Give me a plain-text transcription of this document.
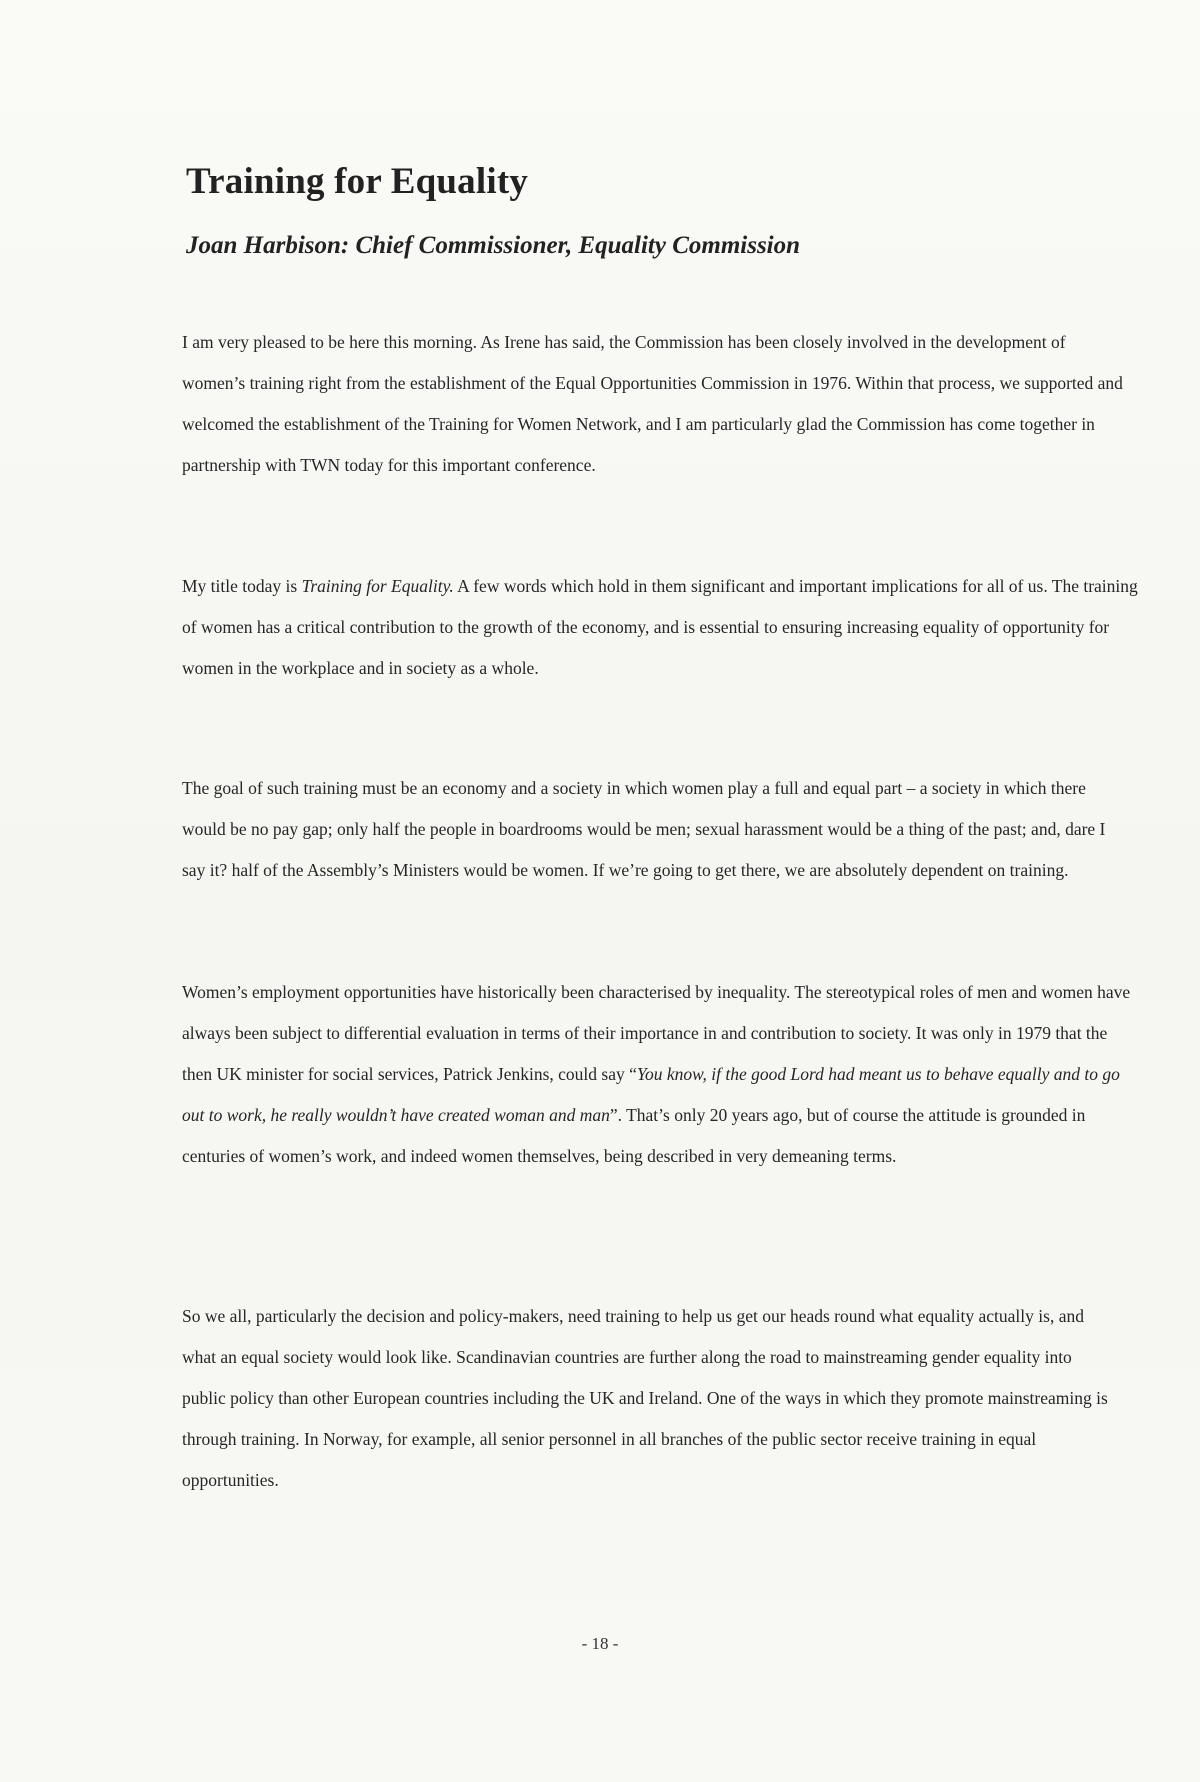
Training for Equality
Joan Harbison: Chief Commissioner, Equality Commission

I am very pleased to be here this morning. As Irene has said, the Commission has been closely involved in the development of women’s training right from the establishment of the Equal Opportunities Commission in 1976. Within that process, we supported and welcomed the establishment of the Training for Women Network, and I am particularly glad the Commission has come together in partnership with TWN today for this important conference.

My title today is Training for Equality. A few words which hold in them significant and important implications for all of us. The training of women has a critical contribution to the growth of the economy, and is essential to ensuring increasing equality of opportunity for women in the workplace and in society as a whole.

The goal of such training must be an economy and a society in which women play a full and equal part – a society in which there would be no pay gap; only half the people in boardrooms would be men; sexual harassment would be a thing of the past; and, dare I say it? half of the Assembly’s Ministers would be women. If we’re going to get there, we are absolutely dependent on training.

Women’s employment opportunities have historically been characterised by inequality. The stereotypical roles of men and women have always been subject to differential evaluation in terms of their importance in and contribution to society. It was only in 1979 that the then UK minister for social services, Patrick Jenkins, could say “You know, if the good Lord had meant us to behave equally and to go out to work, he really wouldn’t have created woman and man”. That’s only 20 years ago, but of course the attitude is grounded in centuries of women’s work, and indeed women themselves, being described in very demeaning terms.

So we all, particularly the decision and policy-makers, need training to help us get our heads round what equality actually is, and what an equal society would look like. Scandinavian countries are further along the road to mainstreaming gender equality into public policy than other European countries including the UK and Ireland. One of the ways in which they promote mainstreaming is through training. In Norway, for example, all senior personnel in all branches of the public sector receive training in equal opportunities.

- 18 -
